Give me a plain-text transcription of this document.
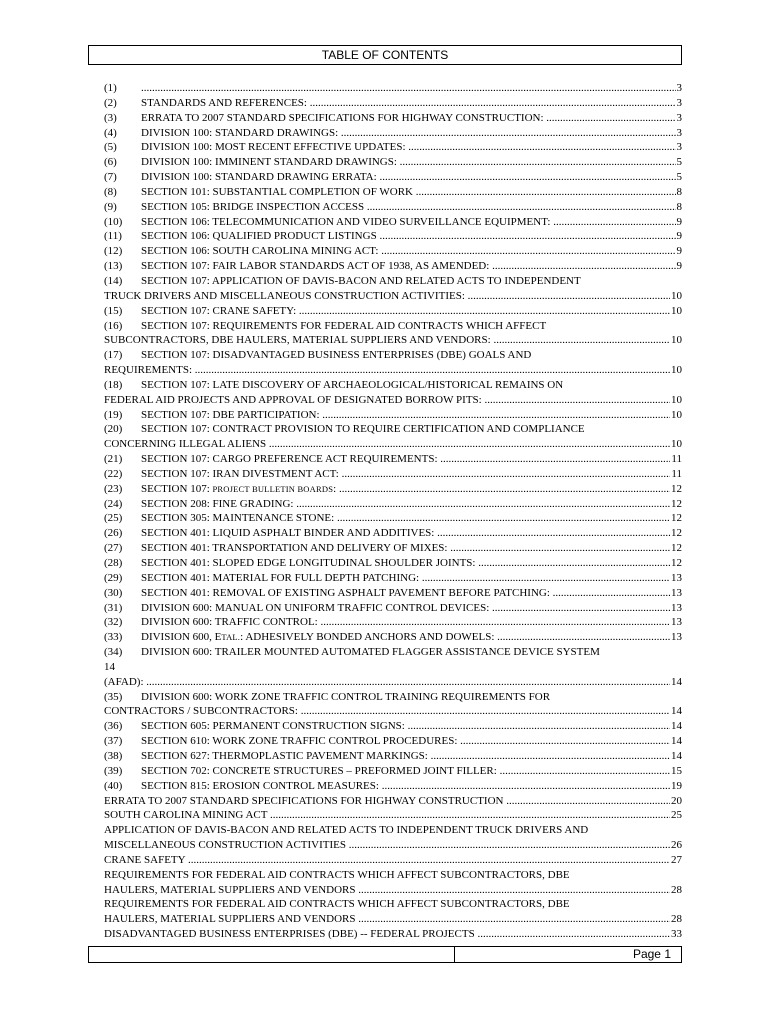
TABLE OF CONTENTS
(1) .....	3
(2)	STANDARDS AND REFERENCES: .....	3
(3)	ERRATA TO 2007 STANDARD SPECIFICATIONS FOR HIGHWAY CONSTRUCTION: .....	3
(4)	DIVISION 100: STANDARD DRAWINGS: .....	3
(5)	DIVISION 100: MOST RECENT EFFECTIVE UPDATES: .....	3
(6)	DIVISION 100: IMMINENT STANDARD DRAWINGS: .....	5
(7)	DIVISION 100: STANDARD DRAWING ERRATA: .....	5
(8)	SECTION 101: SUBSTANTIAL COMPLETION OF WORK .....	8
(9)	SECTION 105: BRIDGE INSPECTION ACCESS .....	8
(10)	SECTION 106: TELECOMMUNICATION AND VIDEO SURVEILLANCE EQUIPMENT: .....	9
(11)	SECTION 106: QUALIFIED PRODUCT LISTINGS .....	9
(12)	SECTION 106: SOUTH CAROLINA MINING ACT: .....	9
(13)	SECTION 107: FAIR LABOR STANDARDS ACT OF 1938, AS AMENDED: .....	9
(14)	SECTION 107: APPLICATION OF DAVIS-BACON AND RELATED ACTS TO INDEPENDENT
TRUCK DRIVERS AND MISCELLANEOUS CONSTRUCTION ACTIVITIES: .....	10
(15)	SECTION 107: CRANE SAFETY: .....	10
(16)	SECTION 107: REQUIREMENTS FOR FEDERAL AID CONTRACTS WHICH AFFECT
SUBCONTRACTORS, DBE HAULERS, MATERIAL SUPPLIERS AND VENDORS: .....	10
(17)	SECTION 107: DISADVANTAGED BUSINESS ENTERPRISES (DBE) GOALS AND
REQUIREMENTS: .....	10
(18)	SECTION 107: LATE DISCOVERY OF ARCHAEOLOGICAL/HISTORICAL REMAINS ON
FEDERAL AID PROJECTS AND APPROVAL OF DESIGNATED BORROW PITS: .....	10
(19)	SECTION 107: DBE PARTICIPATION: .....	10
(20)	SECTION 107: CONTRACT PROVISION TO REQUIRE CERTIFICATION AND COMPLIANCE
CONCERNING ILLEGAL ALIENS .....	10
(21)	SECTION 107: CARGO PREFERENCE ACT REQUIREMENTS: .....	11
(22)	SECTION 107: IRAN DIVESTMENT ACT: .....	11
(23)	SECTION 107: PROJECT BULLETIN BOARDS: .....	12
(24)	SECTION 208: FINE GRADING: .....	12
(25)	SECTION 305: MAINTENANCE STONE: .....	12
(26)	SECTION 401: LIQUID ASPHALT BINDER AND ADDITIVES: .....	12
(27)	SECTION 401: TRANSPORTATION AND DELIVERY OF MIXES: .....	12
(28)	SECTION 401: SLOPED EDGE LONGITUDINAL SHOULDER JOINTS: .....	12
(29)	SECTION 401: MATERIAL FOR FULL DEPTH PATCHING: .....	13
(30)	SECTION 401: REMOVAL OF EXISTING ASPHALT PAVEMENT BEFORE PATCHING: .....	13
(31)	DIVISION 600: MANUAL ON UNIFORM TRAFFIC CONTROL DEVICES: .....	13
(32)	DIVISION 600: TRAFFIC CONTROL: .....	13
(33)	DIVISION 600, ETAL.: ADHESIVELY BONDED ANCHORS AND DOWELS: .....	13
(34)	DIVISION 600: TRAILER MOUNTED AUTOMATED FLAGGER ASSISTANCE DEVICE SYSTEM
14
(AFAD): .....	14
(35)	DIVISION 600: WORK ZONE TRAFFIC CONTROL TRAINING REQUIREMENTS FOR
CONTRACTORS / SUBCONTRACTORS: .....	14
(36)	SECTION 605: PERMANENT CONSTRUCTION SIGNS: .....	14
(37)	SECTION 610: WORK ZONE TRAFFIC CONTROL PROCEDURES: .....	14
(38)	SECTION 627: THERMOPLASTIC PAVEMENT MARKINGS: .....	14
(39)	SECTION 702: CONCRETE STRUCTURES – PREFORMED JOINT FILLER: .....	15
(40)	SECTION 815: EROSION CONTROL MEASURES: .....	19
ERRATA TO 2007 STANDARD SPECIFICATIONS FOR HIGHWAY CONSTRUCTION .....	20
SOUTH CAROLINA MINING ACT .....	25
APPLICATION OF DAVIS-BACON AND RELATED ACTS TO INDEPENDENT TRUCK DRIVERS AND
MISCELLANEOUS CONSTRUCTION ACTIVITIES .....	26
CRANE SAFETY .....	27
REQUIREMENTS FOR FEDERAL AID CONTRACTS WHICH AFFECT SUBCONTRACTORS, DBE
HAULERS, MATERIAL SUPPLIERS AND VENDORS .....	28
REQUIREMENTS FOR FEDERAL AID CONTRACTS WHICH AFFECT SUBCONTRACTORS, DBE
HAULERS, MATERIAL SUPPLIERS AND VENDORS .....	28
DISADVANTAGED BUSINESS ENTERPRISES (DBE) -- FEDERAL PROJECTS .....	33
Page 1
